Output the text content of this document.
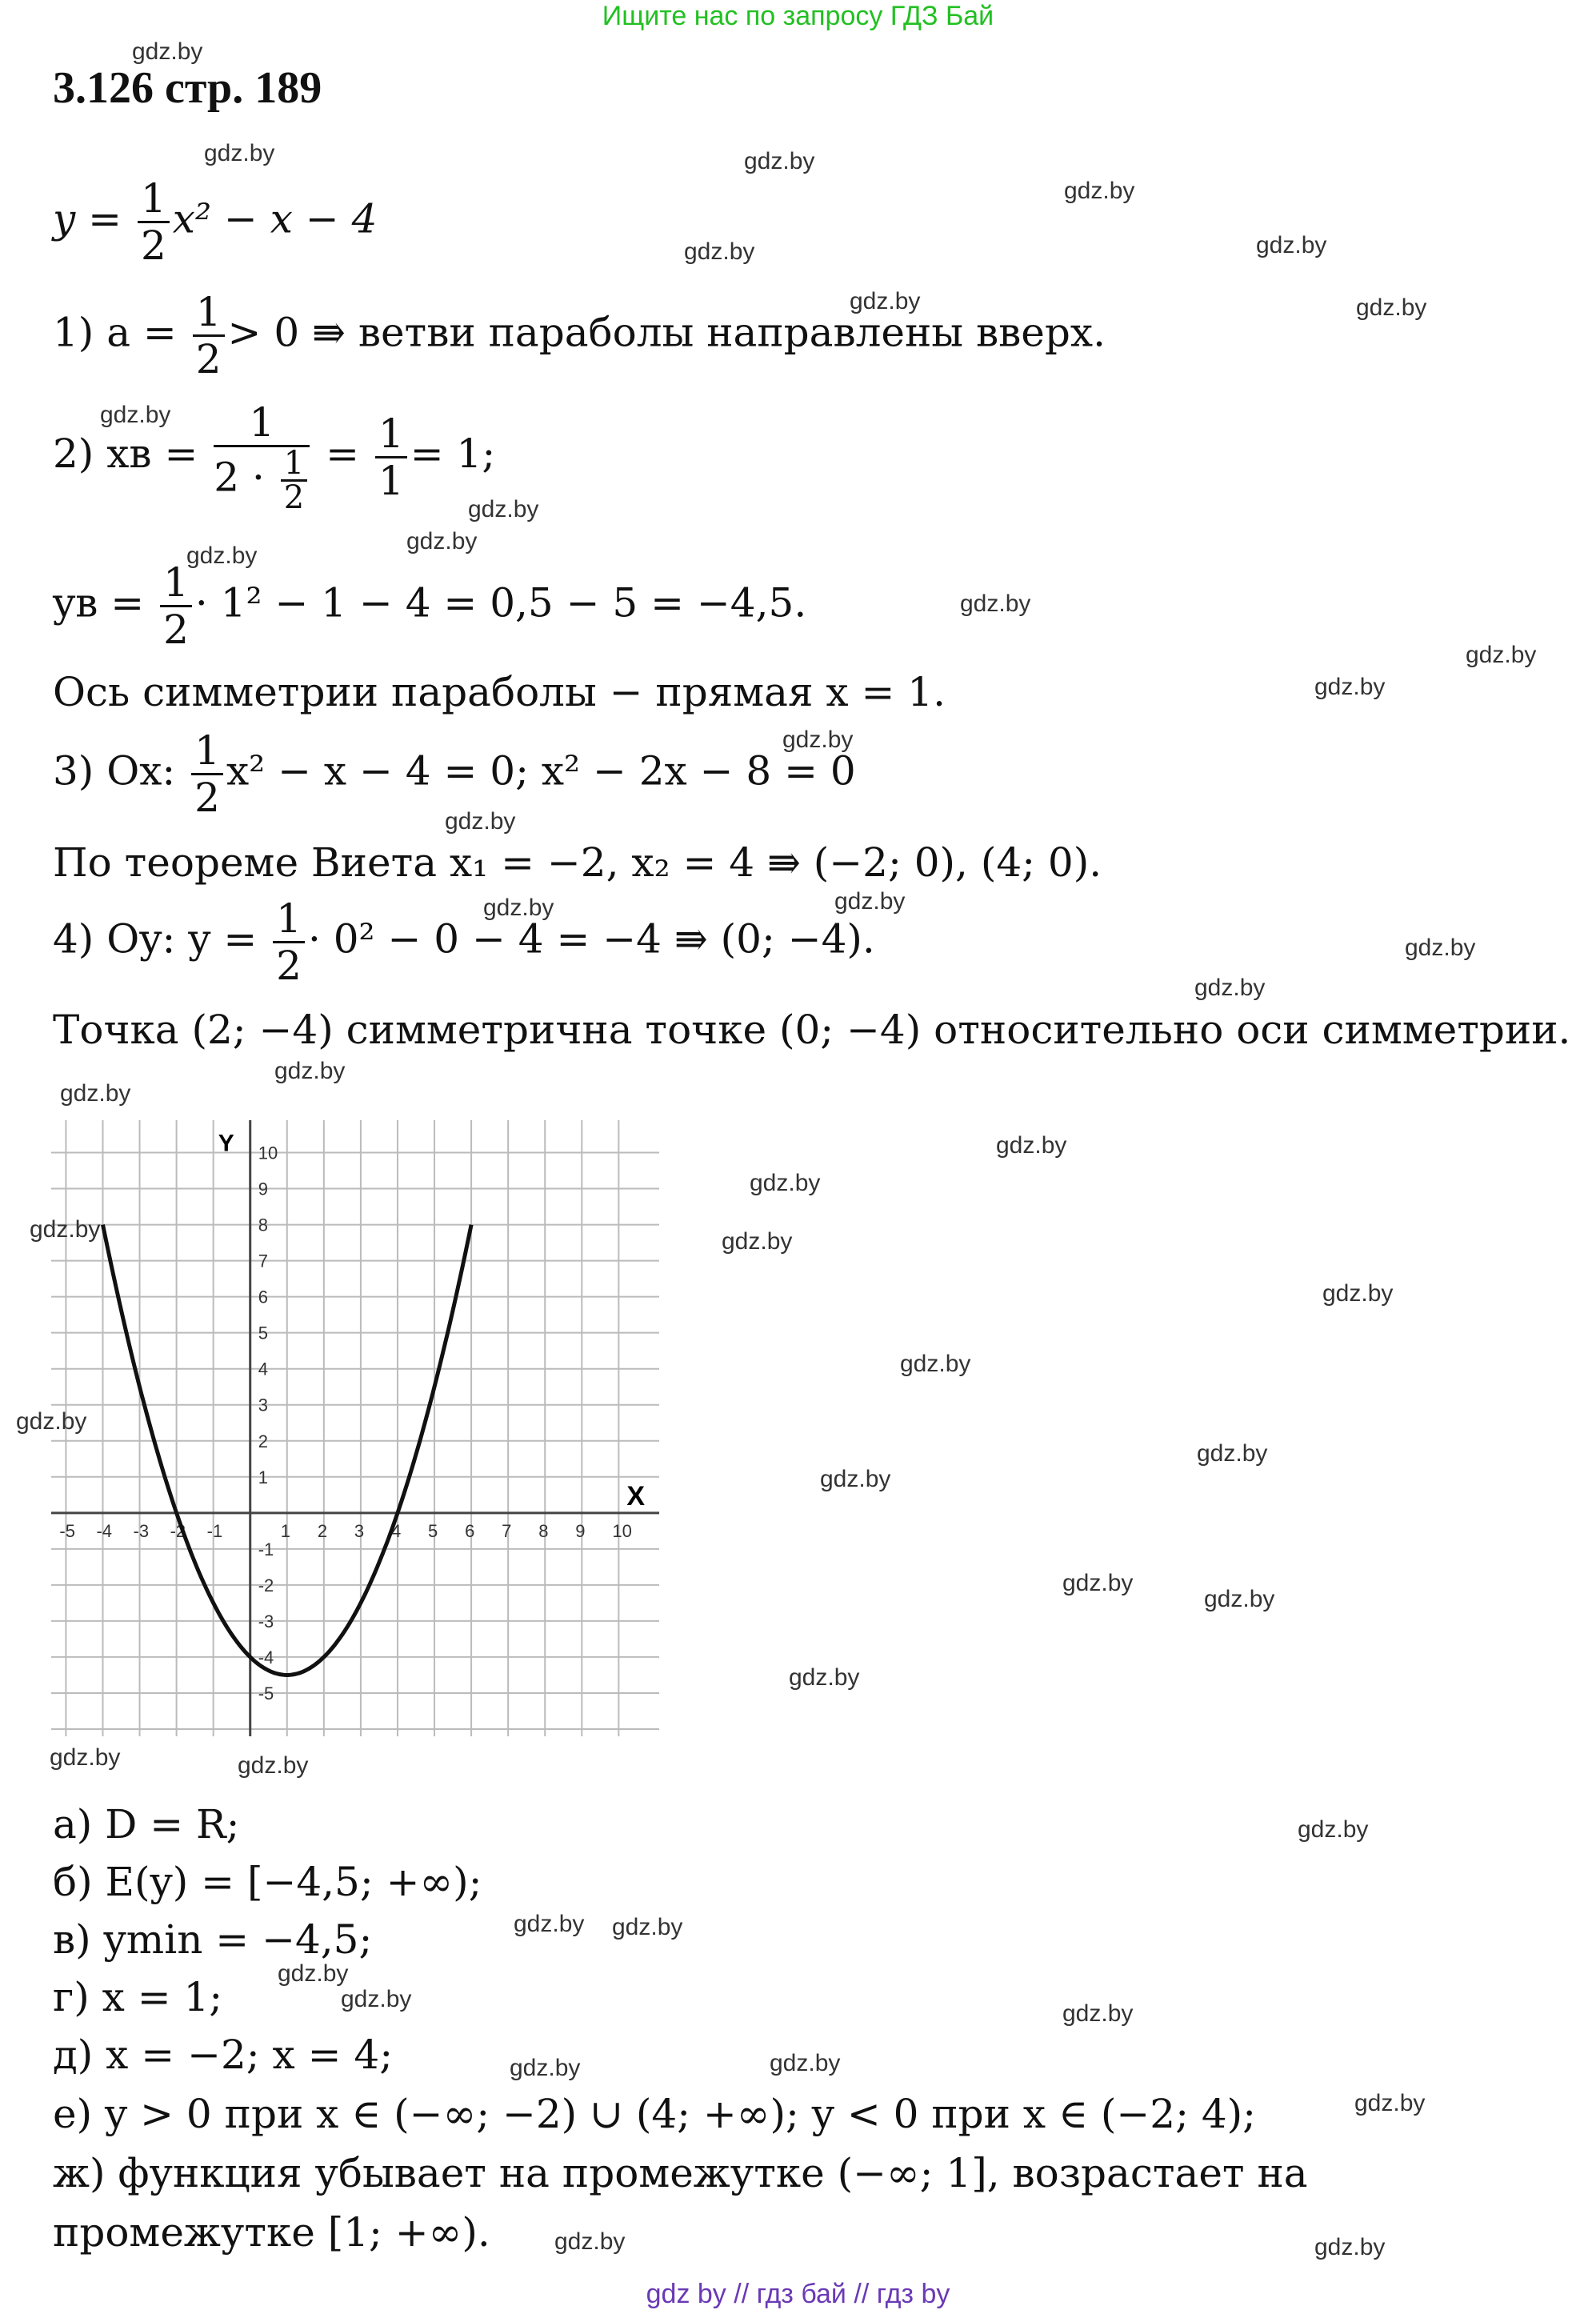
Ищите нас по запросу ГДЗ Бай
3.126 стр. 189
$y = \frac{1}{2} x^2 - x - 4$
1) $a = \frac{1}{2} > 0$ ⇛ ветви параболы направлены вверх.
2) xв = $\frac{1}{2 \cdot \frac{1}{2}} = \frac{1}{1} = 1$;
yв = $\frac{1}{2} \cdot 1^2 - 1 - 4 = 0,5 - 5 = -4,5$.
Ось симметрии параболы − прямая x = 1.
3) Ox: $\frac{1}{2} x^2 - x - 4 = 0$; x² − 2x − 8 = 0
По теореме Виета x₁ = −2, x₂ = 4 ⇛ (−2; 0), (4; 0).
4) Oy: $y = \frac{1}{2} \cdot 0^2 - 0 - 4 = -4$ ⇛ (0; −4).
Точка (2; −4) симметрична точке (0; −4) относительно оси симметрии.
-5 -4 -3 -2 -1	1 2 3 4 5 6 7 8 9 10
-5
-4
-3
-2
-1
1
2
3
4
5
6
7
8
9
10
X
Y
а) D = R;
б) E(y) = [−4,5; +∞);
в) ymin = −4,5;
г) x = 1;
д) x = −2; x = 4;
е) y > 0 при x ∈ (−∞; −2) ∪ (4; +∞); y < 0 при x ∈ (−2; 4);
ж) функция убывает на промежутке (−∞; 1], возрастает на
промежутке [1; +∞).
gdz.by
gdz.by	gdz.by
gdz.by
gdz.by	gdz.by
gdz.by	gdz.by
gdz.by
gdz.by
gdz.by
gdz.by
gdz.by
gdz.by
gdz.by
gdz.by
gdz.by
gdz.by	gdz.by
gdz.by
gdz.by
gdz.by
gdz.by
gdz.by
gdz.by
gdz.by	gdz.by
gdz.by
gdz.by
gdz.by
gdz.by
gdz.by
gdz.by
gdz.by
gdz.by
gdz.by	gdz.by
gdz.by
gdz.by gdz.by
gdz.by
gdz.by
gdz.by
gdz.by	gdz.by
gdz.by
gdz.by	gdz.by
gdz by // гдз бай // гдз by
